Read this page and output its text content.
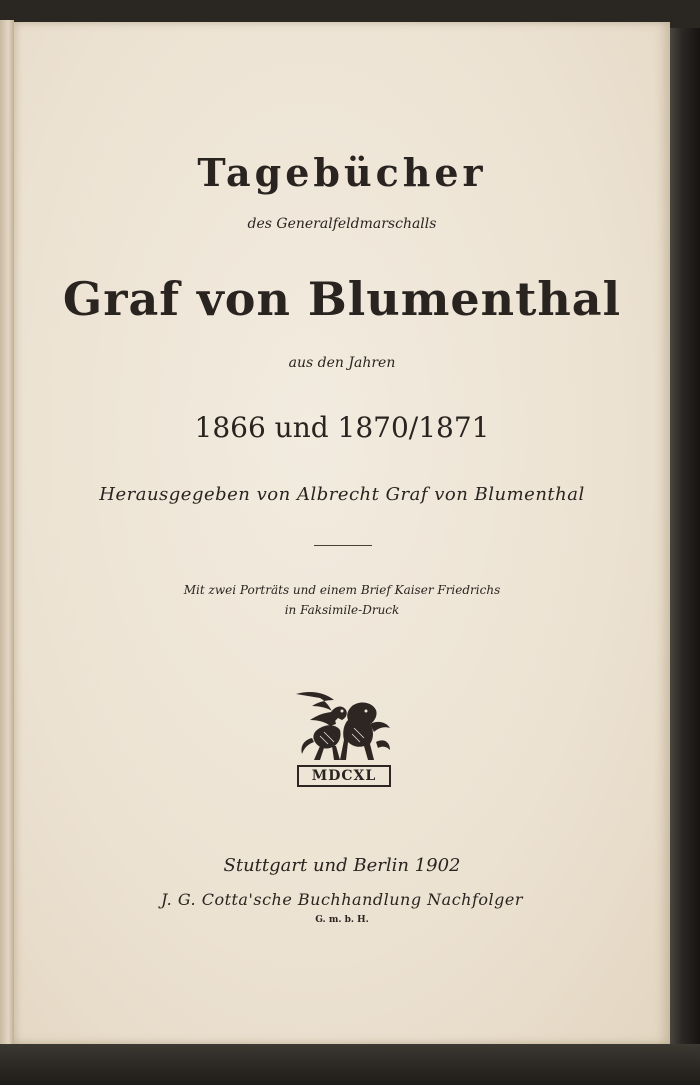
Tagebücher
des Generalfeldmarschalls
Graf von Blumenthal
aus den Jahren
1866 und 1870/1871
Herausgegeben von Albrecht Graf von Blumenthal
Mit zwei Porträts und einem Brief Kaiser Friedrichs
in Faksimile-Druck
MDCXL
Stuttgart und Berlin 1902
J. G. Cotta'sche Buchhandlung Nachfolger
G. m. b. H.
